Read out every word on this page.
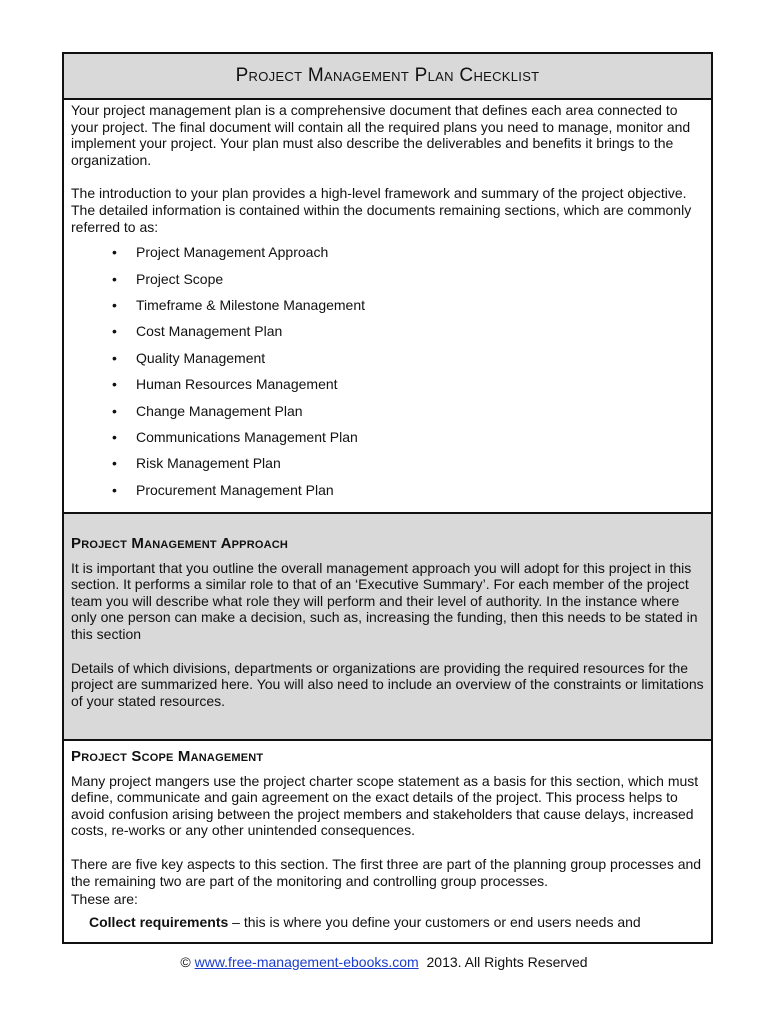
Project Management Plan Checklist

Your project management plan is a comprehensive document that defines each area connected to your project. The final document will contain all the required plans you need to manage, monitor and implement your project. Your plan must also describe the deliverables and benefits it brings to the organization.

The introduction to your plan provides a high-level framework and summary of the project objective. The detailed information is contained within the documents remaining sections, which are commonly referred to as:

• Project Management Approach
• Project Scope
• Timeframe & Milestone Management
• Cost Management Plan
• Quality Management
• Human Resources Management
• Change Management Plan
• Communications Management Plan
• Risk Management Plan
• Procurement Management Plan
Project Management Approach

It is important that you outline the overall management approach you will adopt for this project in this section. It performs a similar role to that of an ‘Executive Summary’. For each member of the project team you will describe what role they will perform and their level of authority. In the instance where only one person can make a decision, such as, increasing the funding, then this needs to be stated in this section

Details of which divisions, departments or organizations are providing the required resources for the project are summarized here. You will also need to include an overview of the constraints or limitations of your stated resources.

Project Scope Management

Many project mangers use the project charter scope statement as a basis for this section, which must define, communicate and gain agreement on the exact details of the project. This process helps to avoid confusion arising between the project members and stakeholders that cause delays, increased costs, re-works or any other unintended consequences.

There are five key aspects to this section. The first three are part of the planning group processes and the remaining two are part of the monitoring and controlling group processes.

These are:

Collect requirements – this is where you define your customers or end users needs and

© www.free-management-ebooks.com  2013. All Rights Reserved
